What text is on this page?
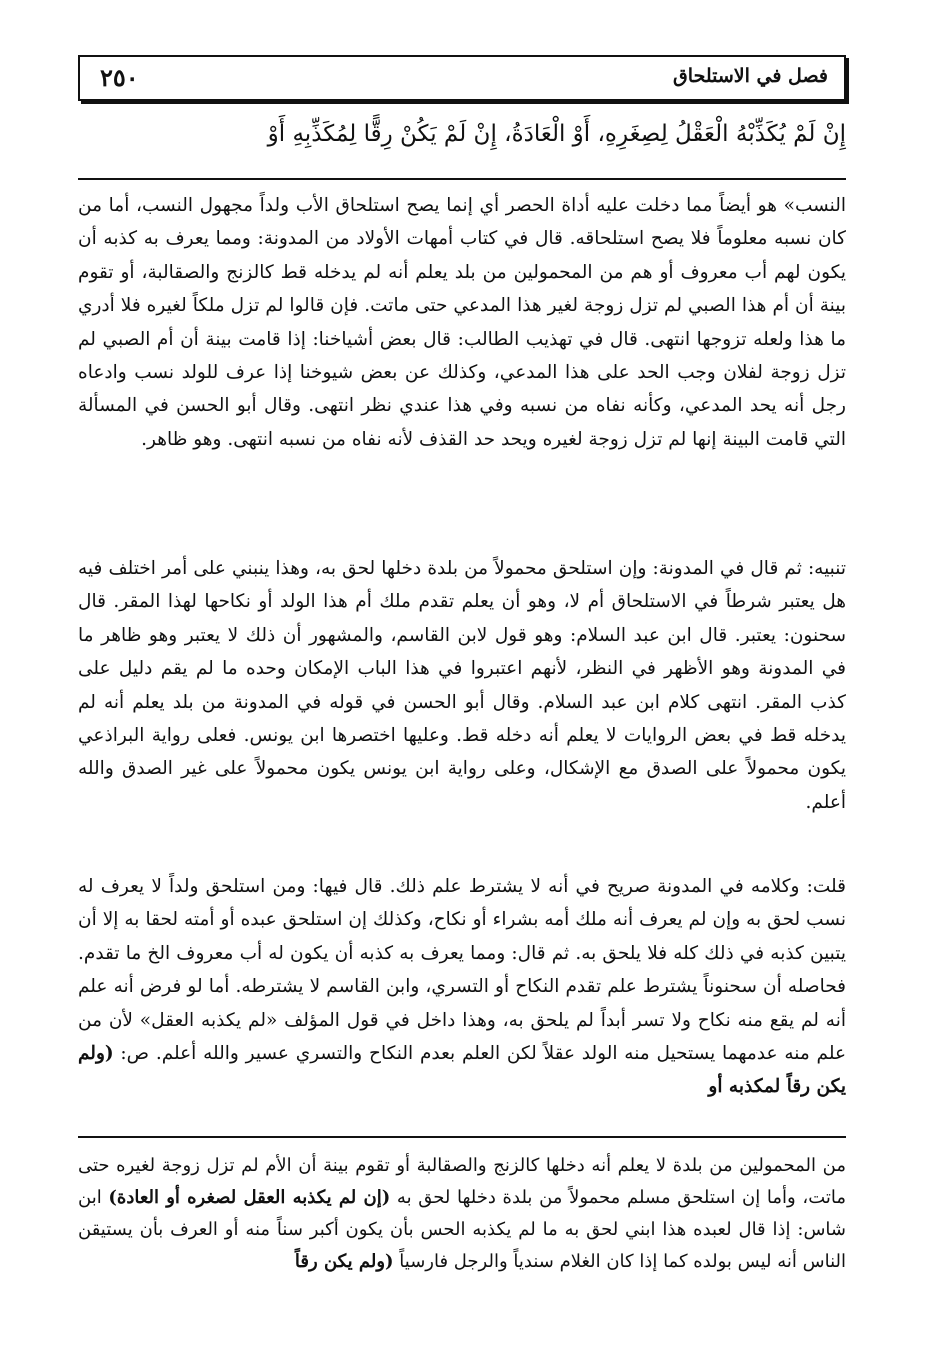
٢٥٠	فصل في الاستلحاق
إِنْ لَمْ يُكَذِّبْهُ الْعَقْلُ لِصِغَرِهِ، أَوْ الْعَادَةُ، إِنْ لَمْ يَكُنْ رِقًّا لِمُكَذِّبِهِ أَوْ

النسب» هو أيضاً مما دخلت عليه أداة الحصر أي إنما يصح استلحاق الأب ولداً مجهول النسب، أما من كان نسبه معلوماً فلا يصح استلحاقه. قال في كتاب أمهات الأولاد من المدونة: ومما يعرف به كذبه أن يكون لهم أب معروف أو هم من المحمولين من بلد يعلم أنه لم يدخله قط كالزنج والصقالبة، أو تقوم بينة أن أم هذا الصبي لم تزل زوجة لغير هذا المدعي حتى ماتت. فإن قالوا لم تزل ملكاً لغيره فلا أدري ما هذا ولعله تزوجها انتهى. قال في تهذيب الطالب: قال بعض أشياخنا: إذا قامت بينة أن أم الصبي لم تزل زوجة لفلان وجب الحد على هذا المدعي، وكذلك عن بعض شيوخنا إذا عرف للولد نسب وادعاه رجل أنه يحد المدعي، وكأنه نفاه من نسبه وفي هذا عندي نظر انتهى. وقال أبو الحسن في المسألة التي قامت البينة إنها لم تزل زوجة لغيره ويحد حد القذف لأنه نفاه من نسبه انتهى. وهو ظاهر.

تنبيه: ثم قال في المدونة: وإن استلحق محمولاً من بلدة دخلها لحق به، وهذا ينبني على أمر اختلف فيه هل يعتبر شرطاً في الاستلحاق أم لا، وهو أن يعلم تقدم ملك أم هذا الولد أو نكاحها لهذا المقر. قال سحنون: يعتبر. قال ابن عبد السلام: وهو قول لابن القاسم، والمشهور أن ذلك لا يعتبر وهو ظاهر ما في المدونة وهو الأظهر في النظر، لأنهم اعتبروا في هذا الباب الإمكان وحده ما لم يقم دليل على كذب المقر. انتهى كلام ابن عبد السلام. وقال أبو الحسن في قوله في المدونة من بلد يعلم أنه لم يدخله قط في بعض الروايات لا يعلم أنه دخله قط. وعليها اختصرها ابن يونس. فعلى رواية البراذعي يكون محمولاً على الصدق مع الإشكال، وعلى رواية ابن يونس يكون محمولاً على غير الصدق والله أعلم.

قلت: وكلامه في المدونة صريح في أنه لا يشترط علم ذلك. قال فيها: ومن استلحق ولداً لا يعرف له نسب لحق به وإن لم يعرف أنه ملك أمه بشراء أو نكاح، وكذلك إن استلحق عبده أو أمته لحقا به إلا أن يتبين كذبه في ذلك كله فلا يلحق به. ثم قال: ومما يعرف به كذبه أن يكون له أب معروف الخ ما تقدم. فحاصله أن سحنوناً يشترط علم تقدم النكاح أو التسري، وابن القاسم لا يشترطه. أما لو فرض أنه علم أنه لم يقع منه نكاح ولا تسر أبداً لم يلحق به، وهذا داخل في قول المؤلف «لم يكذبه العقل» لأن من علم منه عدمهما يستحيل منه الولد عقلاً لكن العلم بعدم النكاح والتسري عسير والله أعلم. ص: (ولم يكن رقاً لمكذبه أو

من المحمولين من بلدة لا يعلم أنه دخلها كالزنج والصقالبة أو تقوم بينة أن الأم لم تزل زوجة لغيره حتى ماتت، وأما إن استلحق مسلم محمولاً من بلدة دخلها لحق به (إن لم يكذبه العقل لصغره أو العادة) ابن شاس: إذا قال لعبده هذا ابني لحق به ما لم يكذبه الحس بأن يكون أكبر سناً منه أو العرف بأن يستيقن الناس أنه ليس بولده كما إذا كان الغلام سندياً والرجل فارسياً (ولم يكن رقاً
